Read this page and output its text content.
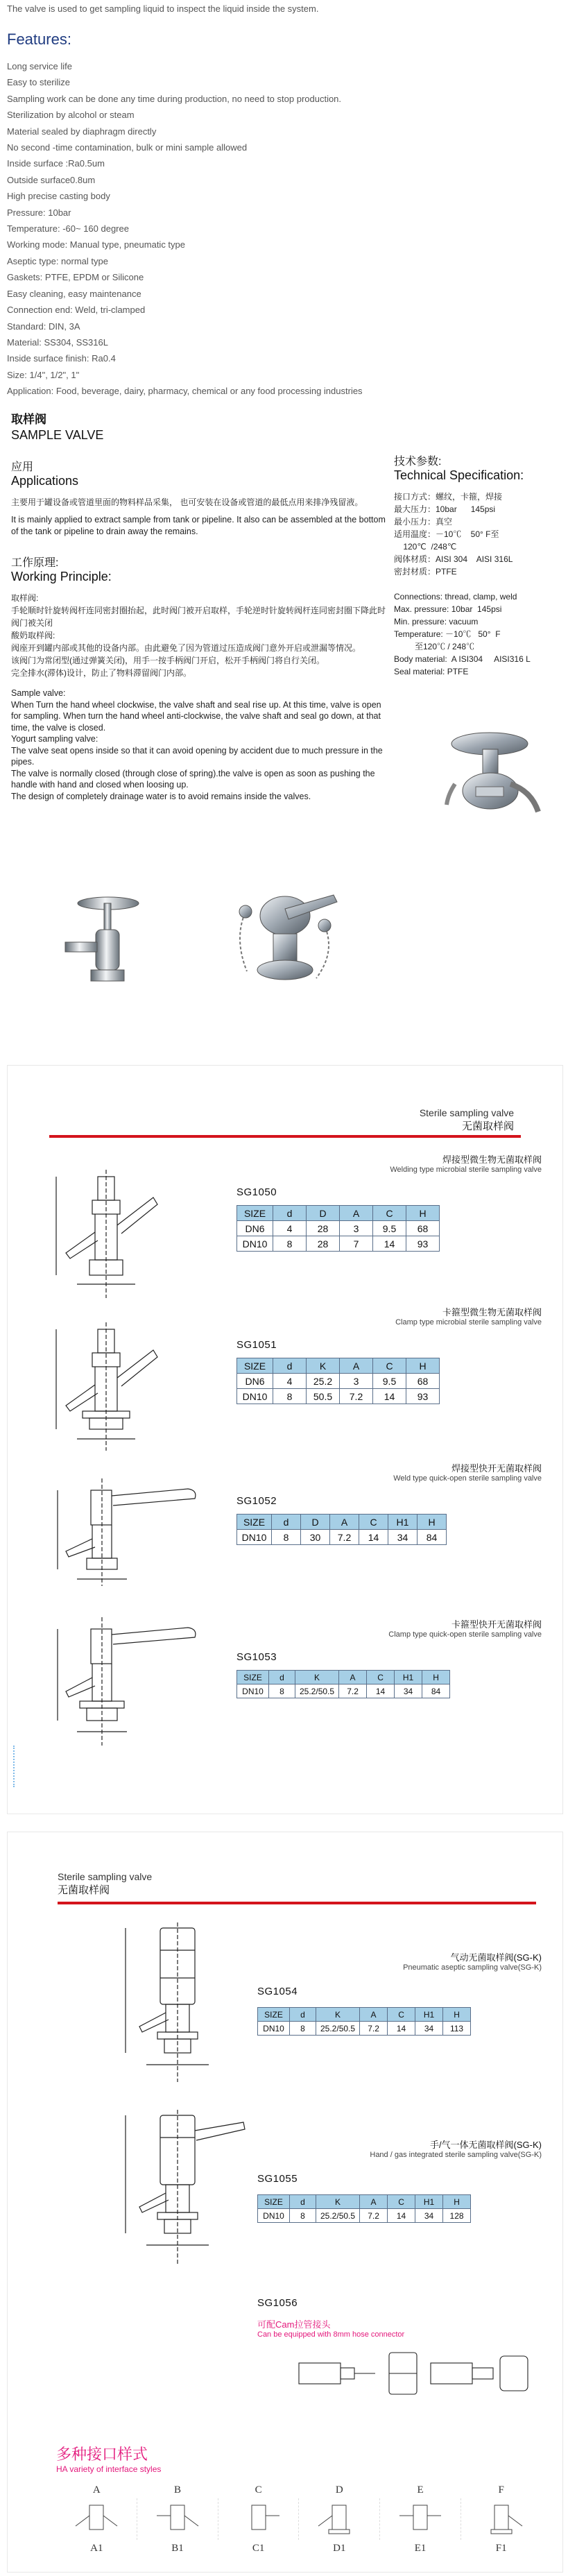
The valve is used to get sampling liquid to inspect the liquid inside the system.

Features:
Long service life
Easy to sterilize
Sampling work can be done any time during production, no need to stop production.
Sterilization by alcohol or steam
Material sealed by diaphragm directly
No second -time contamination, bulk or mini sample allowed
Inside surface :Ra0.5um
Outside surface0.8um
High precise casting body
Pressure: 10bar
Temperature: -60~ 160 degree
Working mode: Manual type, pneumatic type
Aseptic type: normal type
Gaskets: PTFE, EPDM or Silicone
Easy cleaning, easy maintenance
Connection end: Weld, tri-clamped
Standard: DIN, 3A
Material: SS304, SS316L
Inside surface finish: Ra0.4
Size: 1/4", 1/2", 1"
Application: Food, beverage, dairy, pharmacy, chemical or any food processing industries
取样阀
SAMPLE VALVE
应用
Applications

主要用于罐设备或管道里面的物料样品采集， 也可安装在设备或管道的最低点用来排净残留液。

It is mainly applied to extract sample from tank or pipeline. It also can be assembled at the bottom of the tank or pipeline to drain away the remains.

工作原理:
Working Principle:

取样阀:

手轮顺时针旋转阀杆连同密封圈抬起，此时阀门被开启取样，手轮逆时针旋转阀杆连同密封圈下降此时阀门被关闭

酸奶取样阀:

阀座开到罐内部或其他的设备内部。由此避免了因为管道过压造成阀门意外开启或泄漏等情况。

该阀门为常闭型(通过弹簧关闭)，用手一按手柄阀门开启，松开手柄阀门将自行关闭。

完全排水(滞体)设计，防止了物料滞留阀门内部。

Sample valve:

When Turn the hand wheel clockwise, the valve shaft and seal rise up. At this time, valve is open for sampling. When turn the hand wheel anti-clockwise, the valve shaft and seal go down, at that time, the valve is closed.

Yogurt sampling valve:

The valve seat opens inside so that it can avoid opening by accident due to much pressure in the pipes.

The valve is normally closed (through close of spring).the valve is open as soon as pushing the handle with hand and closed when loosing up.

The design of completely drainage water is to avoid remains inside the valves.

技术参数:
Technical Specification:
接口方式：螺纹，卡箍，焊接
最大压力：10bar      145psi
最小压力：真空
适用温度：－10℃    50° F至
120℃  /248℃
阀体材质：AISI 304    AISI 316L
密封材质：PTFE
Connections: thread, clamp, weld
Max. pressure: 10bar  145psi
Min. pressure: vacuum
Temperature: －10℃   50°  F
至120℃ / 248℃
Body material:  A ISI304     AISI316 L
Seal material: PTFE
Sterile sampling valve
无菌取样阀
焊接型微生物无菌取样阀
Welding type microbial sterile sampling valve
SG1050
SIZE	d	D	A	C	H
DN6	4	28	3	9.5	68
DN10	8	28	7	14	93
卡箍型微生物无菌取样阀
Clamp type microbial sterile sampling valve
SG1051
SIZE	d	K	A	C	H
DN6	4	25.2	3	9.5	68
DN10	8	50.5	7.2	14	93
焊接型快开无菌取样阀
Weld type quick-open sterile sampling valve
SG1052
SIZE	d	D	A	C	H1	H
DN10	8	30	7.2	14	34	84
卡箍型快开无菌取样阀
Clamp type quick-open sterile sampling valve
SG1053
SIZE	d	K	A	C	H1	H
DN10	8	25.2/50.5	7.2	14	34	84
Sterile sampling valve
无菌取样阀
气动无菌取样阀(SG-K)
Pneumatic aseptic sampling valve(SG-K)
SG1054
SIZE	d	K	A	C	H1	H
DN10	8	25.2/50.5	7.2	14	34	113
手/气一体无菌取样阀(SG-K)
Hand / gas integrated sterile sampling valve(SG-K)
SG1055
SIZE	d	K	A	C	H1	H
DN10	8	25.2/50.5	7.2	14	34	128
SG1056
可配Cam拉管接头
Can be equipped with 8mm hose connector
多种接口样式
HA variety of interface styles
A	B	C	D	E	F
A1	B1	C1	D1	E1	F1
